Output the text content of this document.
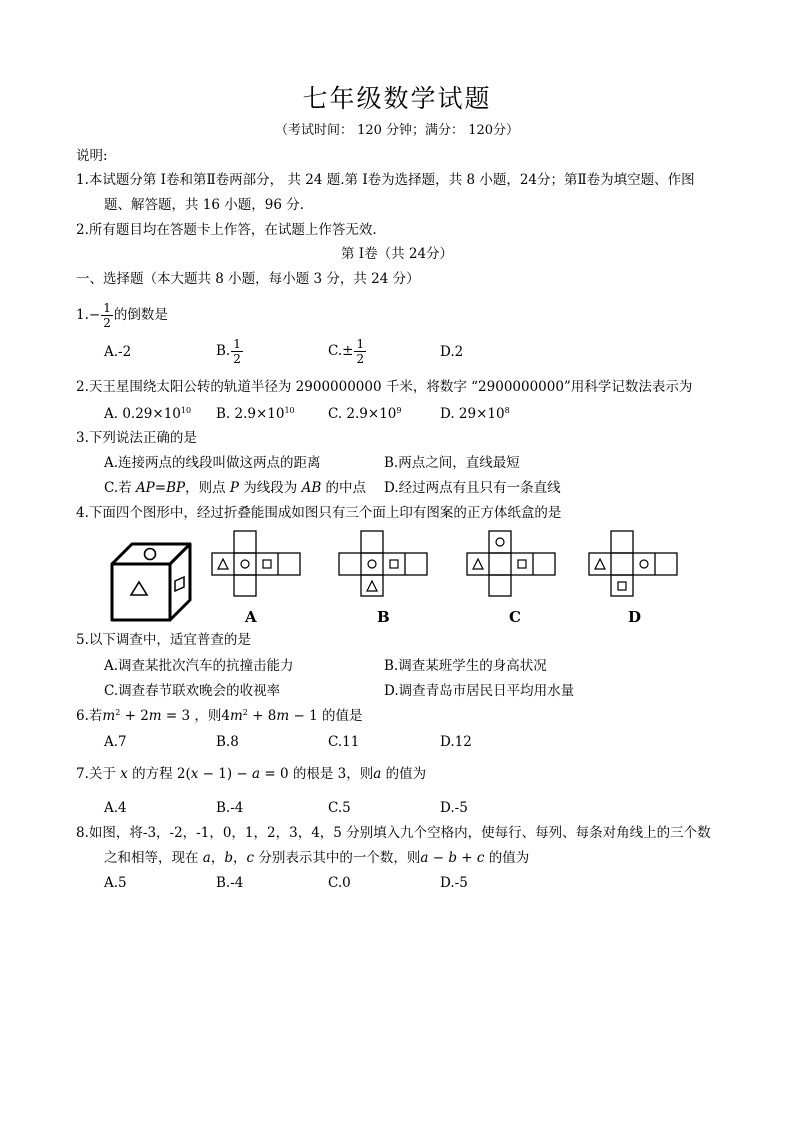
七年级数学试题
（考试时间： 120 分钟；满分： 120分）
说明:
1.本试题分第 I卷和第Ⅱ卷两部分， 共 24 题.第 I卷为选择题，共 8 小题，24分；第Ⅱ卷为填空题、作图
题、解答题，共 16 小题，96 分.
2.所有题目均在答题卡上作答，在试题上作答无效.
第 I卷（共 24分）
一、选择题（本大题共 8 小题，每小题 3 分，共 24 分）
$1.- \frac{1}{2}$ 的倒数是
A.-2	B. $\frac{1}{2}$	$C.\pm \frac{1}{2}$	D.2
2.天王星围绕太阳公转的轨道半径为 2900000000 千米，将数字 “2900000000”用科学记数法表示为
A. $0.29\times 10^{10}$ B. $2.9\times 10^{10}$ C. $2.9\times 10^9$	D. $29\times 10^8$
3.下列说法正确的是
A.连接两点的线段叫做这两点的距离	B.两点之间，直线最短
C.若 AP=BP，则点 P 为线段为 AB 的中点 D.经过两点有且只有一条直线
4.下面四个图形中，经过折叠能围成如图只有三个面上印有图案的正方体纸盒的是
A	B	C	D
5.以下调查中，适宜普查的是
A.调查某批次汽车的抗撞击能力	B.调查某班学生的身高状况
C.调查春节联欢晚会的收视率	D.调查青岛市居民日平均用水量
6.若$m^2 + 2m = 3$ ，则$4m^2 + 8m - 1$ 的值是
A.7	B.8	C.11	D.12
7.关于 x 的方程 2(x − 1) − a = 0 的根是 3，则a 的值为
A.4	B.-4	C.5	D.-5
8.如图，将-3，-2，-1，0，1，2，3，4，5 分别填入九个空格内，使每行、每列、每条对角线上的三个数
之和相等，现在 a，b，c 分别表示其中的一个数，则a − b + c 的值为
A.5	B.-4	C.0	D.-5
